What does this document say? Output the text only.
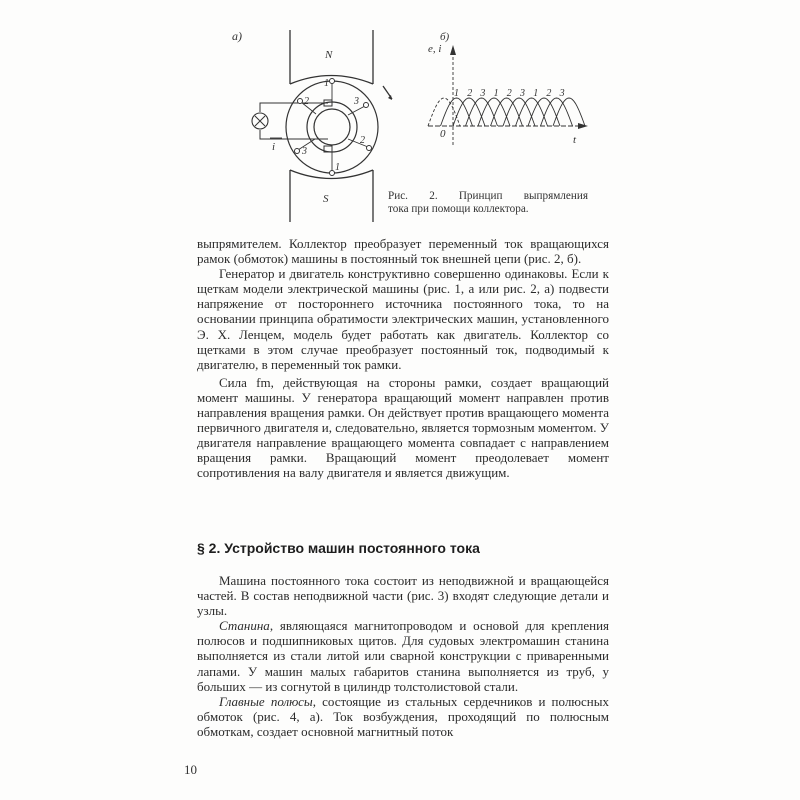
а)
N
S
i
1
2	3
3
2
1
б)
e, i
t
0
1 2 3 1 2 3 1 2 3
Рис. 2. Принцип выпрямления
тока при помощи коллектора.

выпрямителем. Коллектор преобразует переменный ток вращающихся рамок (обмоток) машины в постоянный ток внешней цепи (рис. 2, б).

Генератор и двигатель конструктивно совершенно одинаковы. Если к щеткам модели электрической машины (рис. 1, а или рис. 2, а) подвести напряжение от постороннего источника постоянного тока, то на основании принципа обратимости электрических машин, установленного Э. Х. Ленцем, модель будет работать как двигатель. Коллектор со щетками в этом случае преобразует постоянный ток, подводимый к двигателю, в переменный ток рамки.

Сила fm, действующая на стороны рамки, создает вращающий момент машины. У генератора вращающий момент направлен против направления вращения рамки. Он действует против вращающего момента первичного двигателя и, следовательно, является тормозным моментом. У двигателя направление вращающего момента совпадает с направлением вращения рамки. Вращающий момент преодолевает момент сопротивления на валу двигателя и является движущим.

§ 2. Устройство машин постоянного тока

Машина постоянного тока состоит из неподвижной и вращающейся частей. В состав неподвижной части (рис. 3) входят следующие детали и узлы.

Станина, являющаяся магнитопроводом и основой для крепления полюсов и подшипниковых щитов. Для судовых электромашин станина выполняется из стали литой или сварной конструкции с приваренными лапами. У машин малых габаритов станина выполняется из труб, у больших — из согнутой в цилиндр толстолистовой стали.

Главные полюсы, состоящие из стальных сердечников и полюсных обмоток (рис. 4, а). Ток возбуждения, проходящий по полюсным обмоткам, создает основной магнитный поток

10
